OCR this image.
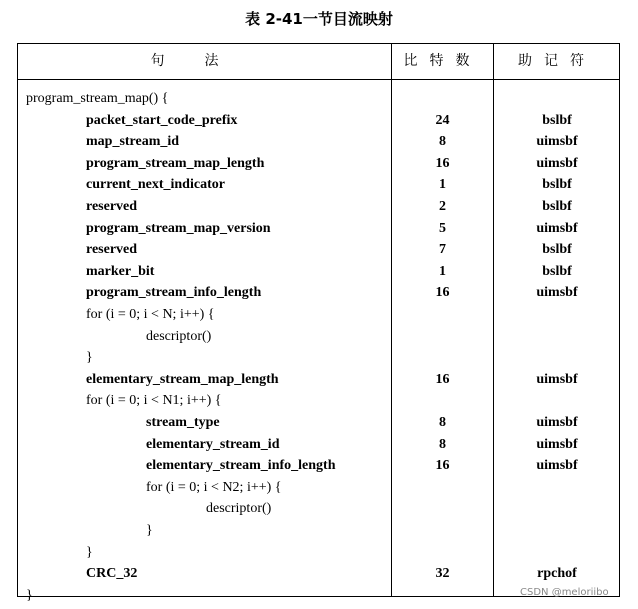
表 2-41一节目流映射
句法	比特数	助记符
program_stream_map() {
packet_start_code_prefix	24	bslbf
map_stream_id	8	uimsbf
program_stream_map_length	16	uimsbf
current_next_indicator	1	bslbf
reserved	2	bslbf
program_stream_map_version	5	uimsbf
reserved	7	bslbf
marker_bit	1	bslbf
program_stream_info_length	16	uimsbf
for (i = 0; i < N; i++) {
descriptor()
}
elementary_stream_map_length	16	uimsbf
for (i = 0; i < N1; i++) {
stream_type	8	uimsbf
elementary_stream_id	8	uimsbf
elementary_stream_info_length	16	uimsbf
for (i = 0; i < N2; i++) {
descriptor()
}
}
CRC_32	32	rpchof
}	CSDN @meloriibo
